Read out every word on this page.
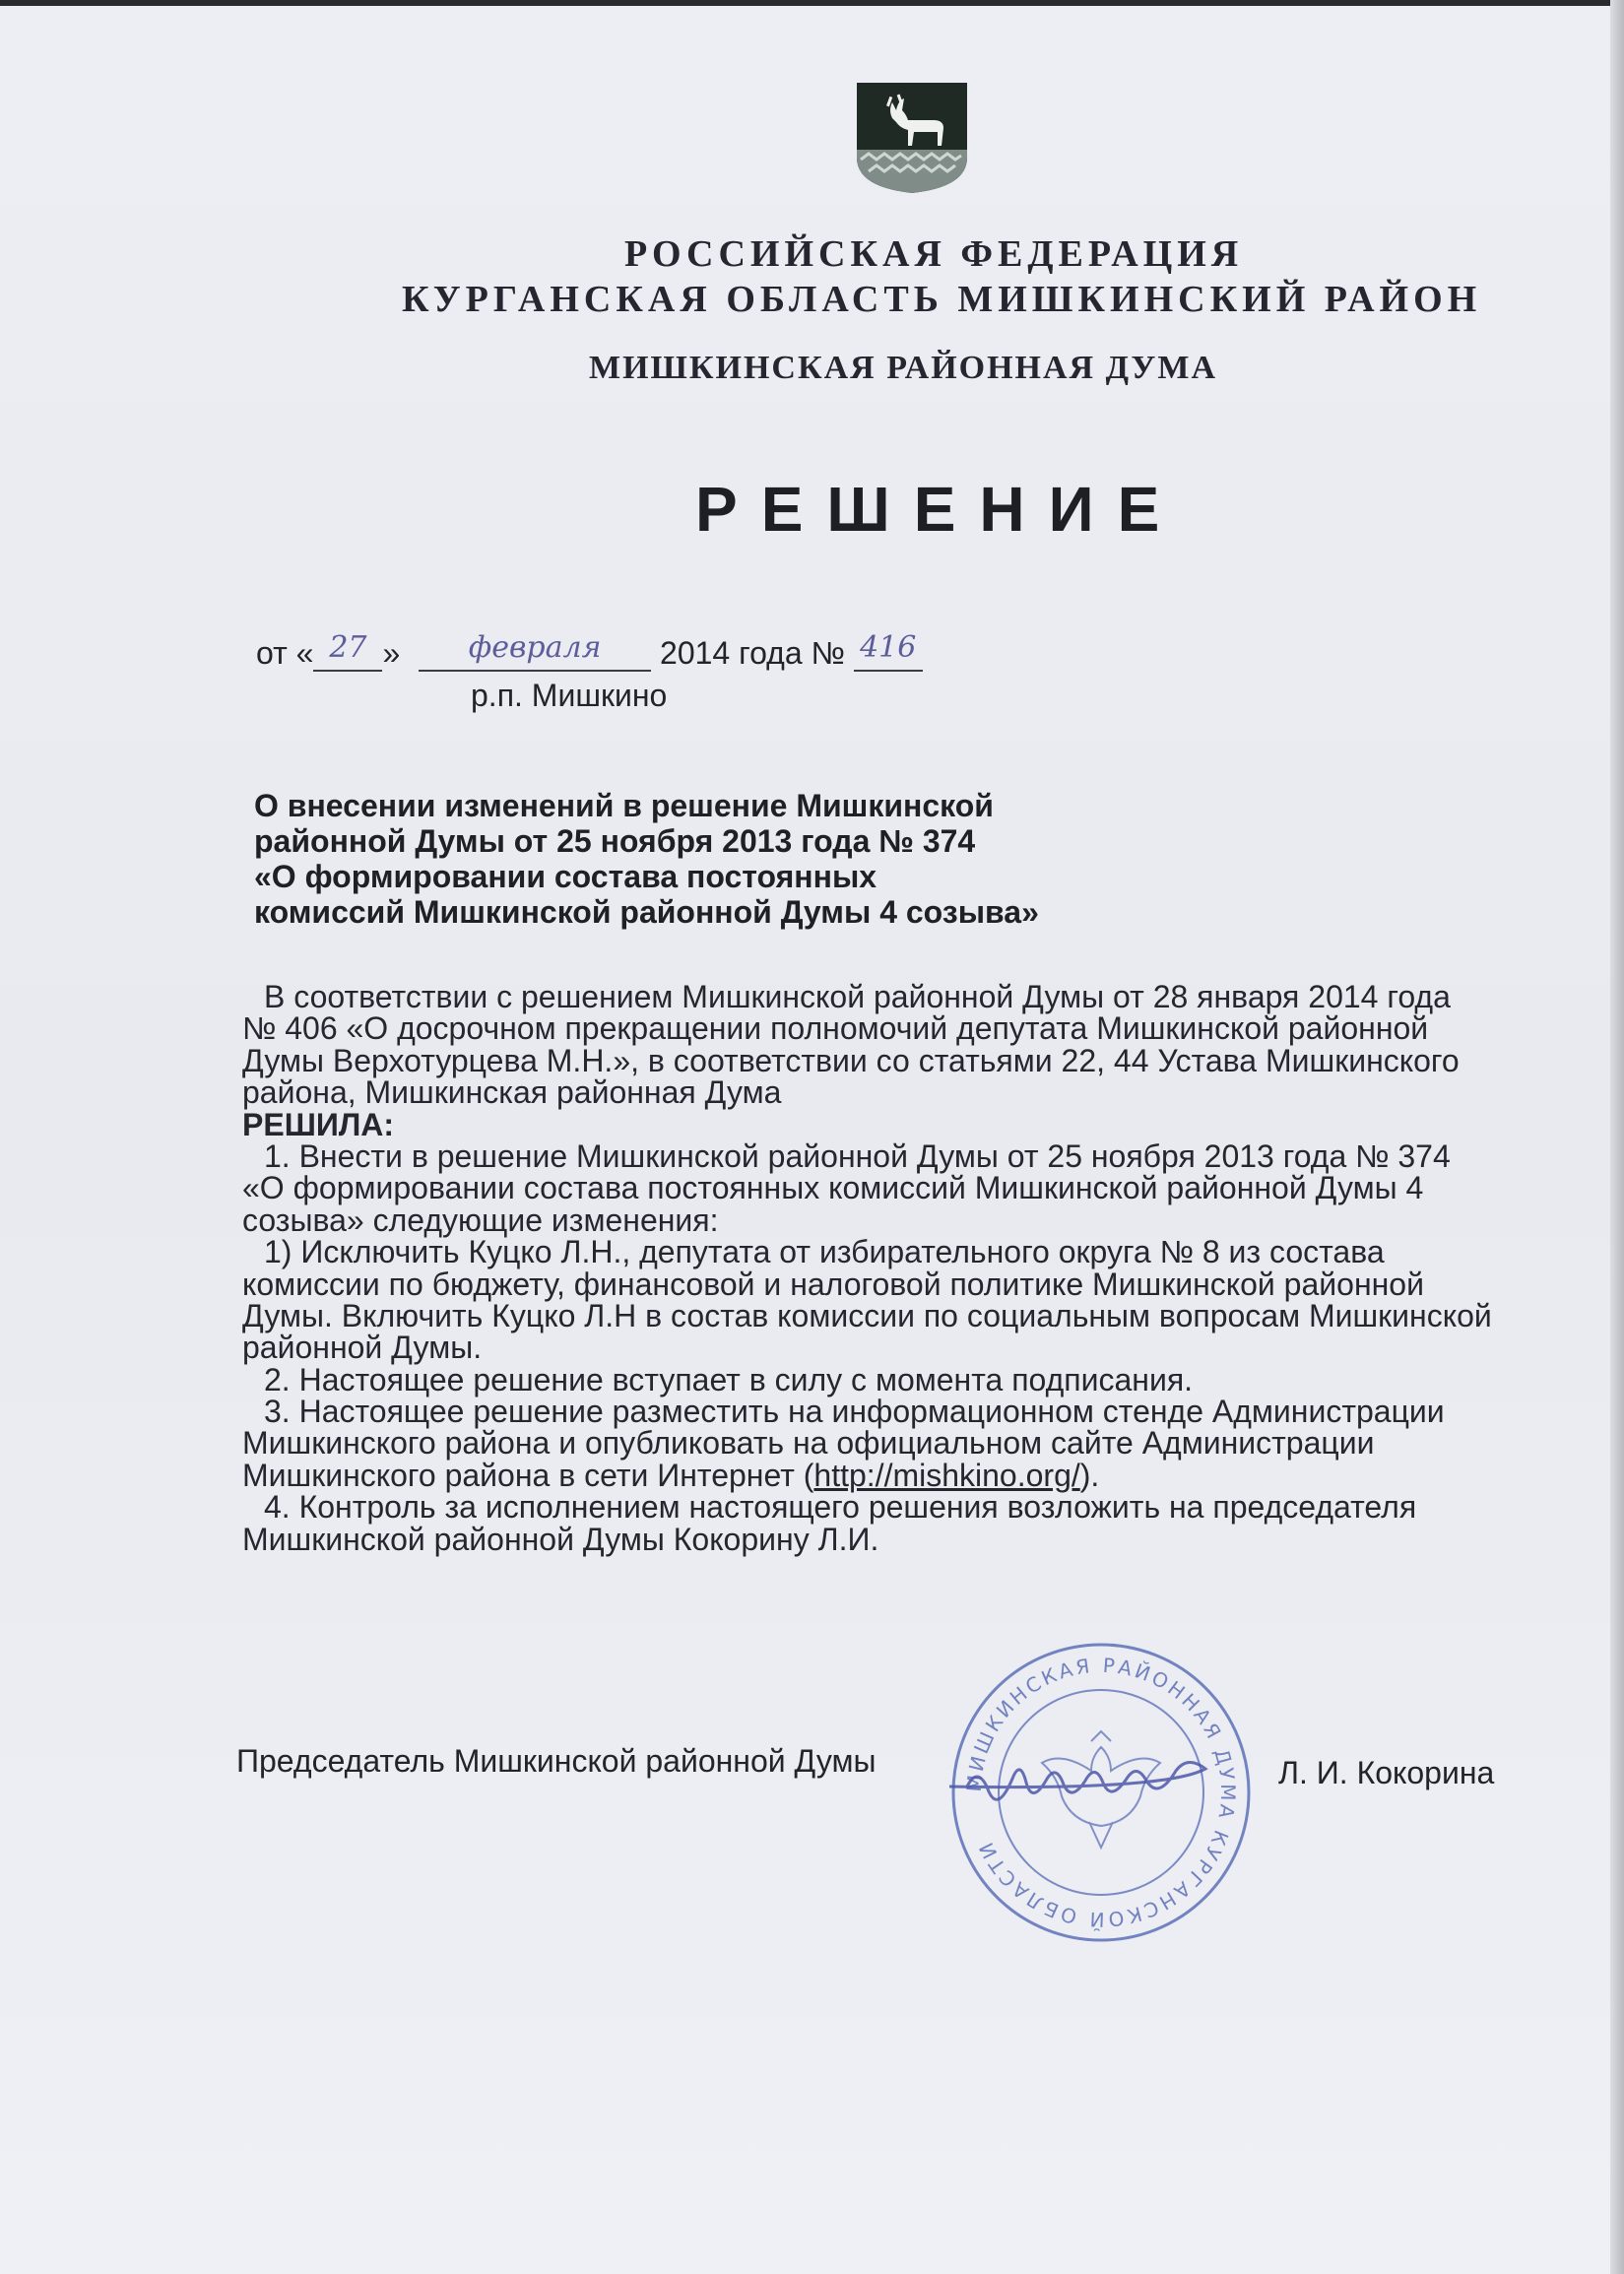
РОССИЙСКАЯ ФЕДЕРАЦИЯ
КУРГАНСКАЯ ОБЛАСТЬ МИШКИНСКИЙ РАЙОН
МИШКИНСКАЯ РАЙОННАЯ ДУМА
РЕШЕНИЕ
от « 27 » февраля 2014 года № 416
р.п. Мишкино
О внесении изменений в решение Мишкинской
районной Думы от 25 ноября 2013 года № 374
«О формировании состава постоянных
комиссий Мишкинской районной Думы 4 созыва»
В соответствии с решением Мишкинской районной Думы от 28 января 2014 года
№ 406 «О досрочном прекращении полномочий депутата Мишкинской районной
Думы Верхотурцева М.Н.», в соответствии со статьями 22, 44 Устава Мишкинского
района, Мишкинская районная Дума
РЕШИЛА:
1. Внести в решение Мишкинской районной Думы от 25 ноября 2013 года № 374
«О формировании состава постоянных комиссий Мишкинской районной Думы 4
созыва» следующие изменения:
1) Исключить Куцко Л.Н., депутата от избирательного округа № 8 из состава
комиссии по бюджету, финансовой и налоговой политике Мишкинской районной
Думы. Включить Куцко Л.Н в состав комиссии по социальным вопросам Мишкинской
районной Думы.
2. Настоящее решение вступает в силу с момента подписания.
3. Настоящее решение разместить на информационном стенде Администрации
Мишкинского района и опубликовать на официальном сайте Администрации
Мишкинского района в сети Интернет (http://mishkino.org/).
4. Контроль за исполнением настоящего решения возложить на председателя
Мишкинской районной Думы Кокорину Л.И.
Председатель Мишкинской районной Думы	Л. И. Кокорина
МИШКИНСКАЯ РАЙОННАЯ ДУМА КУРГАНСКОЙ ОБЛАСТИ
